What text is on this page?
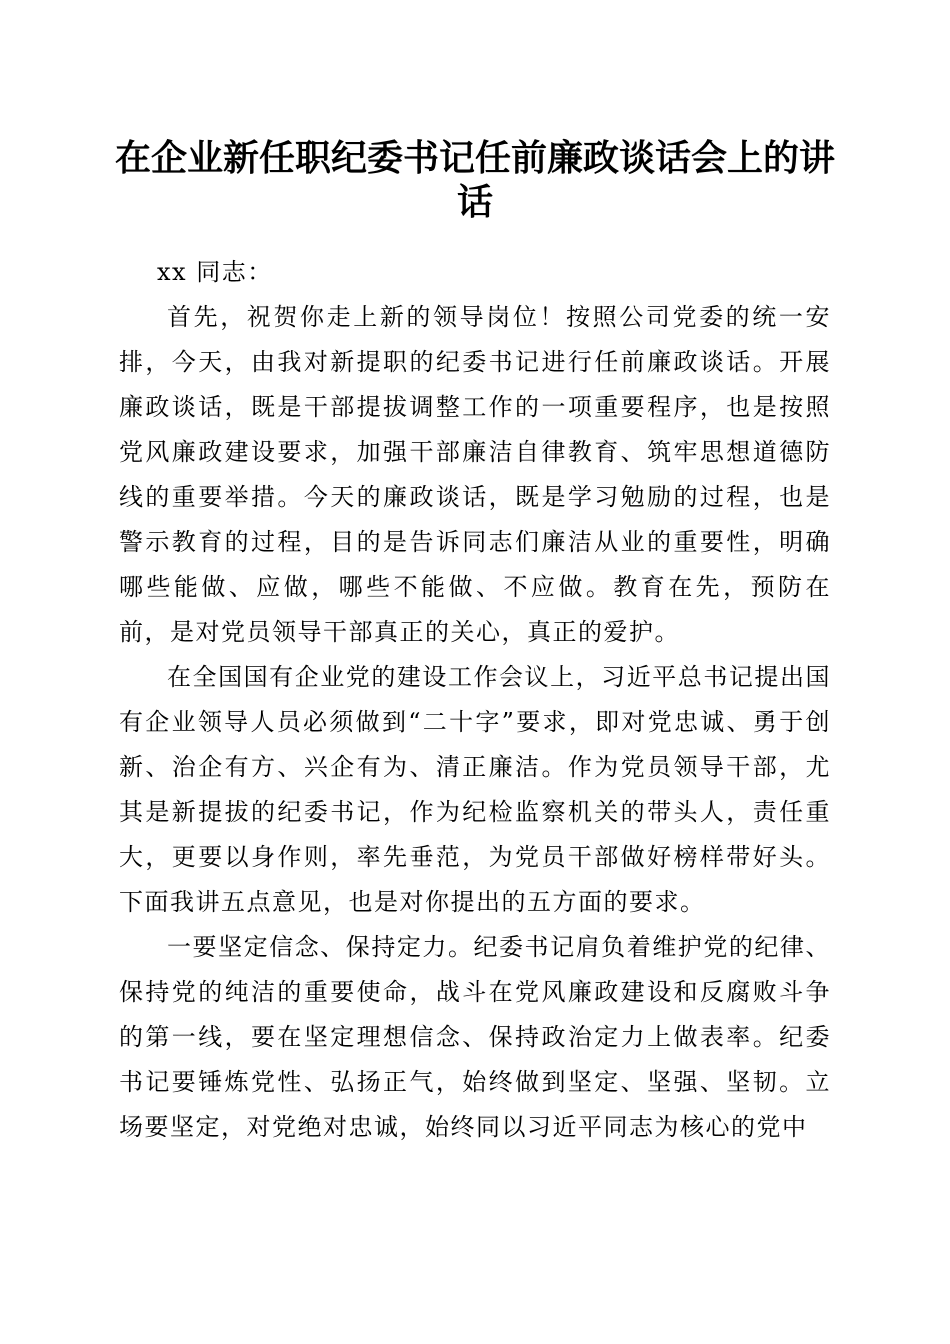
在企业新任职纪委书记任前廉政谈话会上的讲话

xx 同志：

首先，祝贺你走上新的领导岗位！按照公司党委的统一安排，今天，由我对新提职的纪委书记进行任前廉政谈话。开展廉政谈话，既是干部提拔调整工作的一项重要程序，也是按照党风廉政建设要求，加强干部廉洁自律教育、筑牢思想道德防线的重要举措。今天的廉政谈话，既是学习勉励的过程，也是警示教育的过程，目的是告诉同志们廉洁从业的重要性，明确哪些能做、应做，哪些不能做、不应做。教育在先，预防在前，是对党员领导干部真正的关心，真正的爱护。

在全国国有企业党的建设工作会议上，习近平总书记提出国有企业领导人员必须做到“二十字”要求，即对党忠诚、勇于创新、治企有方、兴企有为、清正廉洁。作为党员领导干部，尤其是新提拔的纪委书记，作为纪检监察机关的带头人，责任重大，更要以身作则，率先垂范，为党员干部做好榜样带好头。下面我讲五点意见，也是对你提出的五方面的要求。

一要坚定信念、保持定力。纪委书记肩负着维护党的纪律、保持党的纯洁的重要使命，战斗在党风廉政建设和反腐败斗争的第一线，要在坚定理想信念、保持政治定力上做表率。纪委书记要锤炼党性、弘扬正气，始终做到坚定、坚强、坚韧。立场要坚定，对党绝对忠诚，始终同以习近平同志为核心的党中
